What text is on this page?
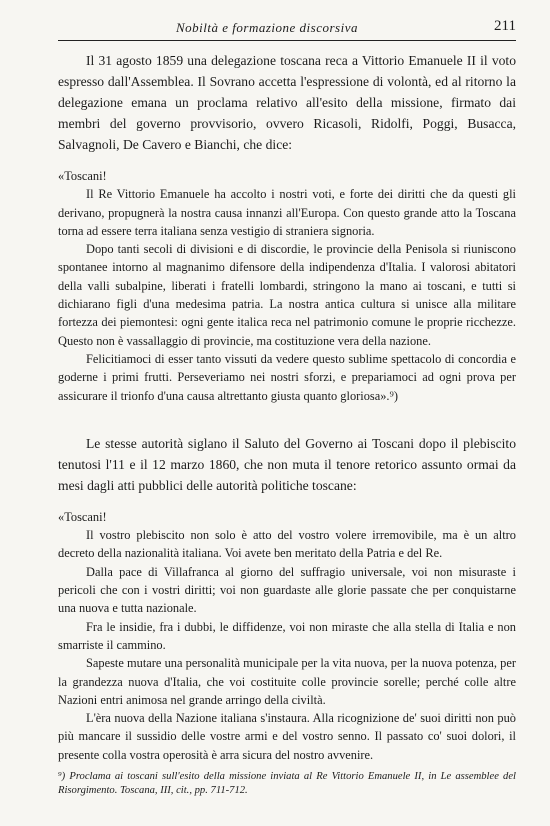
Nobiltà e formazione discorsiva	211

Il 31 agosto 1859 una delegazione toscana reca a Vittorio Emanuele II il voto espresso dall'Assemblea. Il Sovrano accetta l'espressione di volontà, ed al ritorno la delegazione emana un proclama relativo all'esito della missione, firmato dai membri del governo provvisorio, ovvero Ricasoli, Ridolfi, Poggi, Busacca, Salvagnoli, De Cavero e Bianchi, che dice:

«Toscani!

Il Re Vittorio Emanuele ha accolto i nostri voti, e forte dei diritti che da questi gli derivano, propugnerà la nostra causa innanzi all'Europa. Con questo grande atto la Toscana torna ad essere terra italiana senza vestigio di straniera signoria.

Dopo tanti secoli di divisioni e di discordie, le provincie della Penisola si riuniscono spontanee intorno al magnanimo difensore della indipendenza d'Italia. I valorosi abitatori della valli subalpine, liberati i fratelli lombardi, stringono la mano ai toscani, e tutti si dichiarano figli d'una medesima patria. La nostra antica cultura si unisce alla militare fortezza dei piemontesi: ogni gente italica reca nel patrimonio comune le proprie ricchezze. Questo non è vassallaggio di provincie, ma costituzione vera della nazione.

Felicitiamoci di esser tanto vissuti da vedere questo sublime spettacolo di concordia e goderne i primi frutti. Perseveriamo nei nostri sforzi, e prepariamoci ad ogni prova per assicurare il trionfo d'una causa altrettanto giusta quanto gloriosa».⁹)

Le stesse autorità siglano il Saluto del Governo ai Toscani dopo il plebiscito tenutosi l'11 e il 12 marzo 1860, che non muta il tenore retorico assunto ormai da mesi dagli atti pubblici delle autorità politiche toscane:

«Toscani!

Il vostro plebiscito non solo è atto del vostro volere irremovibile, ma è un altro decreto della nazionalità italiana. Voi avete ben meritato della Patria e del Re.

Dalla pace di Villafranca al giorno del suffragio universale, voi non misuraste i pericoli che con i vostri diritti; voi non guardaste alle glorie passate che per conquistarne una nuova e tutta nazionale.

Fra le insidie, fra i dubbi, le diffidenze, voi non miraste che alla stella di Italia e non smarriste il cammino.

Sapeste mutare una personalità municipale per la vita nuova, per la nuova potenza, per la grandezza nuova d'Italia, che voi costituite colle provincie sorelle; perché colle altre Nazioni entri animosa nel grande arringo della civiltà.

L'èra nuova della Nazione italiana s'instaura. Alla ricognizione de' suoi diritti non può più mancare il sussidio delle vostre armi e del vostro senno. Il passato co' suoi dolori, il presente colla vostra operosità è arra sicura del nostro avvenire.

⁹) Proclama ai toscani sull'esito della missione inviata al Re Vittorio Emanuele II, in Le assemblee del Risorgimento. Toscana, III, cit., pp. 711-712.
